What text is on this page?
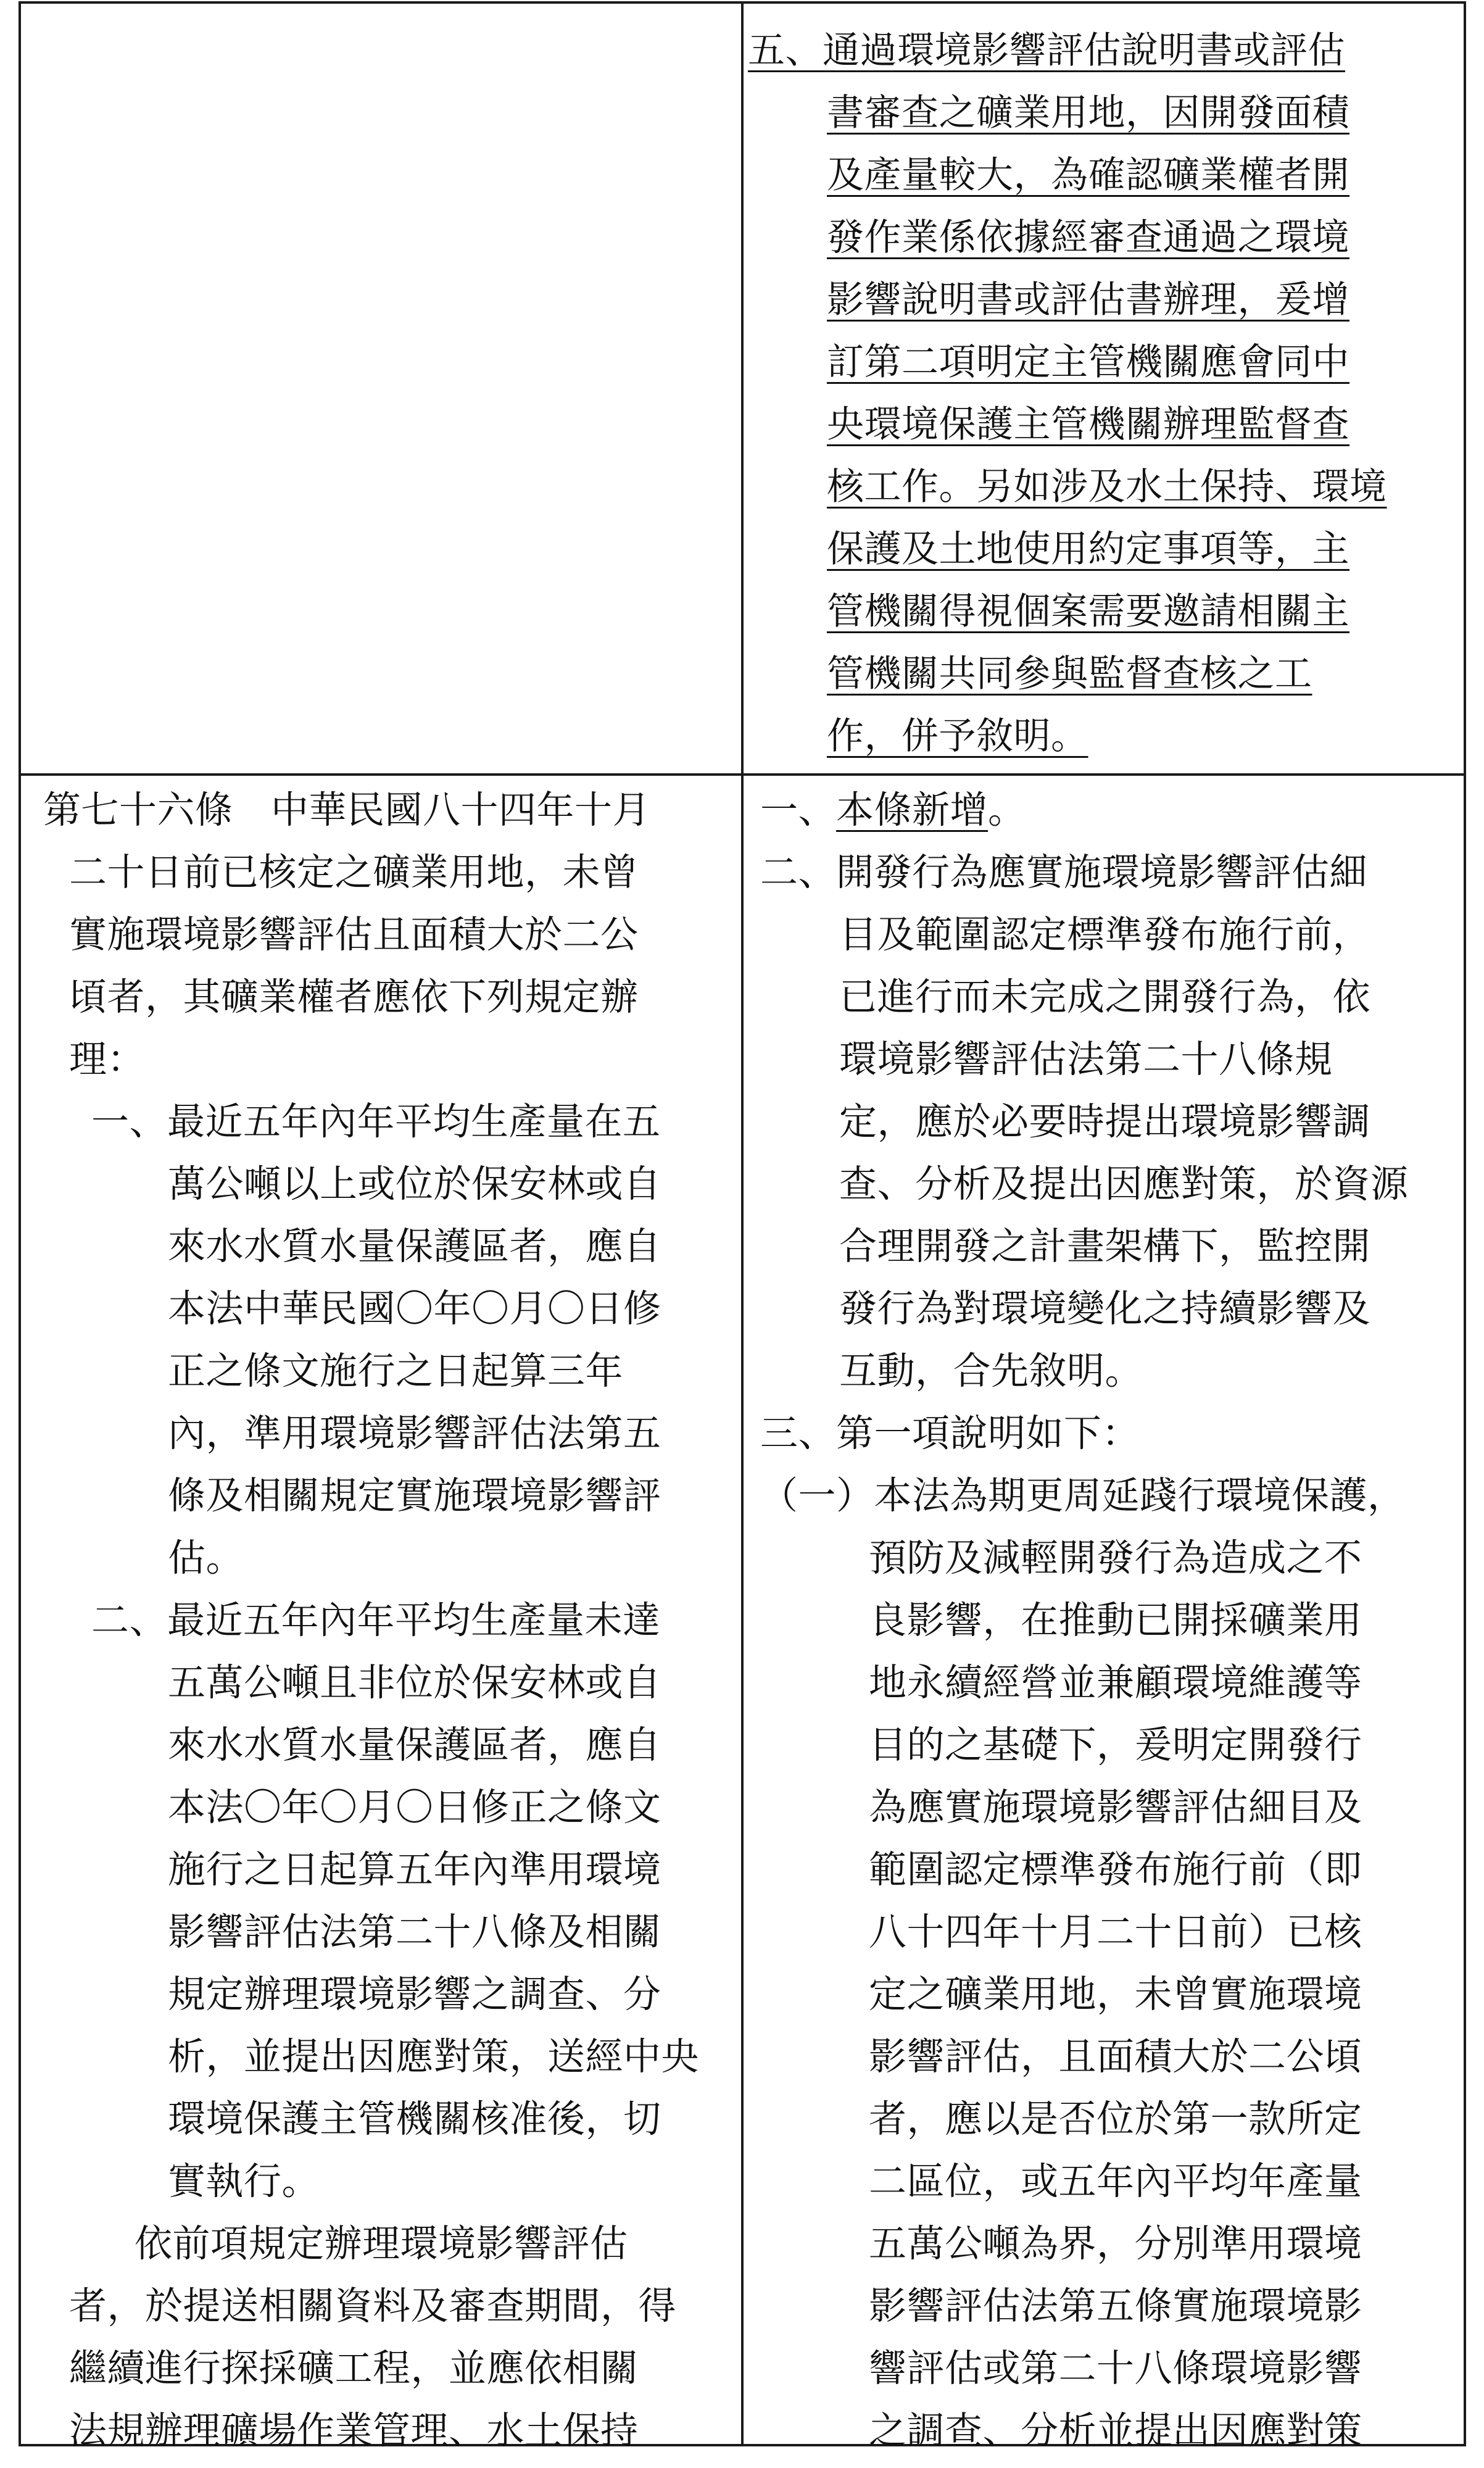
五、通過環境影響評估說明書或評估
書審查之礦業用地，因開發面積
及產量較大，為確認礦業權者開
發作業係依據經審查通過之環境
影響說明書或評估書辦理，爰增
訂第二項明定主管機關應會同中
央環境保護主管機關辦理監督查
核工作。另如涉及水土保持、環境
保護及土地使用約定事項等，主
管機關得視個案需要邀請相關主
管機關共同參與監督查核之工
作，併予敘明。
第七十六條　中華民國八十四年十月
二十日前已核定之礦業用地，未曾
實施環境影響評估且面積大於二公
頃者，其礦業權者應依下列規定辦
理：
一、最近五年內年平均生產量在五
萬公噸以上或位於保安林或自
來水水質水量保護區者，應自
本法中華民國〇年〇月〇日修
正之條文施行之日起算三年
內，準用環境影響評估法第五
條及相關規定實施環境影響評
估。
二、最近五年內年平均生產量未達
五萬公噸且非位於保安林或自
來水水質水量保護區者，應自
本法〇年〇月〇日修正之條文
施行之日起算五年內準用環境
影響評估法第二十八條及相關
規定辦理環境影響之調查、分
析，並提出因應對策，送經中央
環境保護主管機關核准後，切
實執行。
依前項規定辦理環境影響評估
者，於提送相關資料及審查期間，得
繼續進行探採礦工程，並應依相關
法規辦理礦場作業管理、水土保持
一、本條新增。
二、開發行為應實施環境影響評估細
目及範圍認定標準發布施行前，
已進行而未完成之開發行為，依
環境影響評估法第二十八條規
定，應於必要時提出環境影響調
查、分析及提出因應對策，於資源
合理開發之計畫架構下，監控開
發行為對環境變化之持續影響及
互動，合先敘明。
三、第一項說明如下：
（一）本法為期更周延踐行環境保護，
預防及減輕開發行為造成之不
良影響，在推動已開採礦業用
地永續經營並兼顧環境維護等
目的之基礎下，爰明定開發行
為應實施環境影響評估細目及
範圍認定標準發布施行前（即
八十四年十月二十日前）已核
定之礦業用地，未曾實施環境
影響評估，且面積大於二公頃
者，應以是否位於第一款所定
二區位，或五年內平均年產量
五萬公噸為界，分別準用環境
影響評估法第五條實施環境影
響評估或第二十八條環境影響
之調查、分析並提出因應對策
